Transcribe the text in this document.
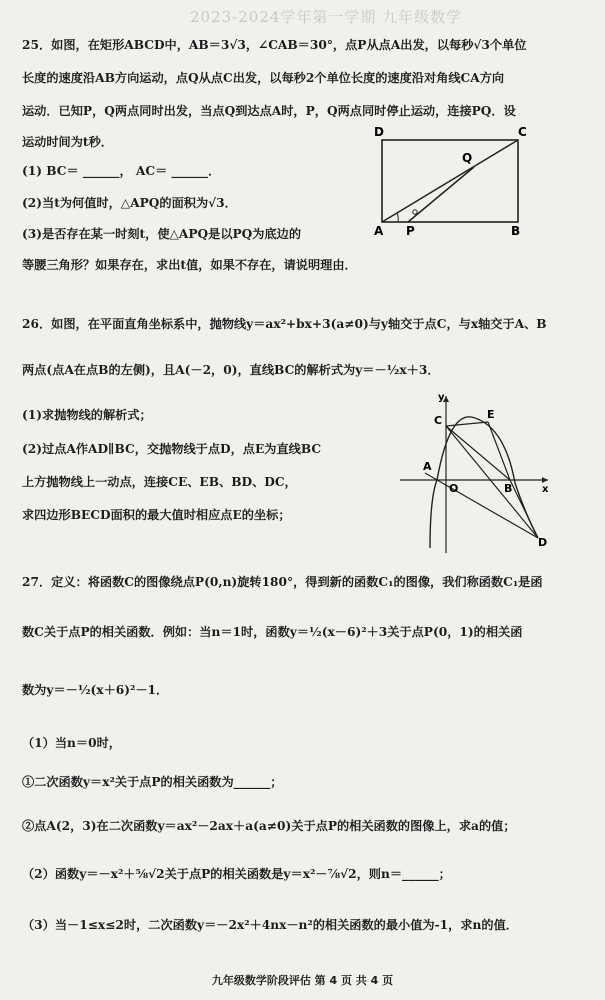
2023-2024学年第一学期 九年级数学
25．如图，在矩形ABCD中，AB＝3√3，∠CAB＝30°，点P从点A出发，以每秒√3个单位
长度的速度沿AB方向运动，点Q从点C出发，以每秒2个单位长度的速度沿对角线CA方向
运动．已知P，Q两点同时出发，当点Q到达点A时，P，Q两点同时停止运动，连接PQ．设
运动时间为t秒．
(1) BC＝ ______， AC＝ ______．
(2)当t为何值时，△APQ的面积为√3．
(3)是否存在某一时刻t，使△APQ是以PQ为底边的
等腰三角形？如果存在，求出t值，如果不存在，请说明理由．
D	C
Q
A P	B
26．如图，在平面直角坐标系中，抛物线y＝ax²+bx+3(a≠0)与y轴交于点C，与x轴交于A、B
两点(点A在点B的左侧)，且A(－2，0)，直线BC的解析式为y＝－½x＋3．
(1)求抛物线的解析式；
(2)过点A作AD∥BC，交抛物线于点D，点E为直线BC
上方抛物线上一动点，连接CE、EB、BD、DC，
求四边形BECD面积的最大值时相应点E的坐标；
y
x
C	E
A
O	B
D
27．定义：将函数C的图像绕点P(0,n)旋转180°，得到新的函数C₁的图像，我们称函数C₁是函
数C关于点P的相关函数．例如：当n＝1时，函数y＝½(x－6)²＋3关于点P(0，1)的相关函
数为y＝－½(x＋6)²－1．
（1）当n＝0时，
①二次函数y＝x²关于点P的相关函数为______；
②点A(2，3)在二次函数y＝ax²－2ax＋a(a≠0)关于点P的相关函数的图像上，求a的值；
（2）函数y＝－x²＋⅝√2关于点P的相关函数是y＝x²－⅞√2，则n＝______；
（3）当－1≤x≤2时，二次函数y＝－2x²＋4nx－n²的相关函数的最小值为-1，求n的值．
九年级数学阶段评估 第 4 页 共 4 页
